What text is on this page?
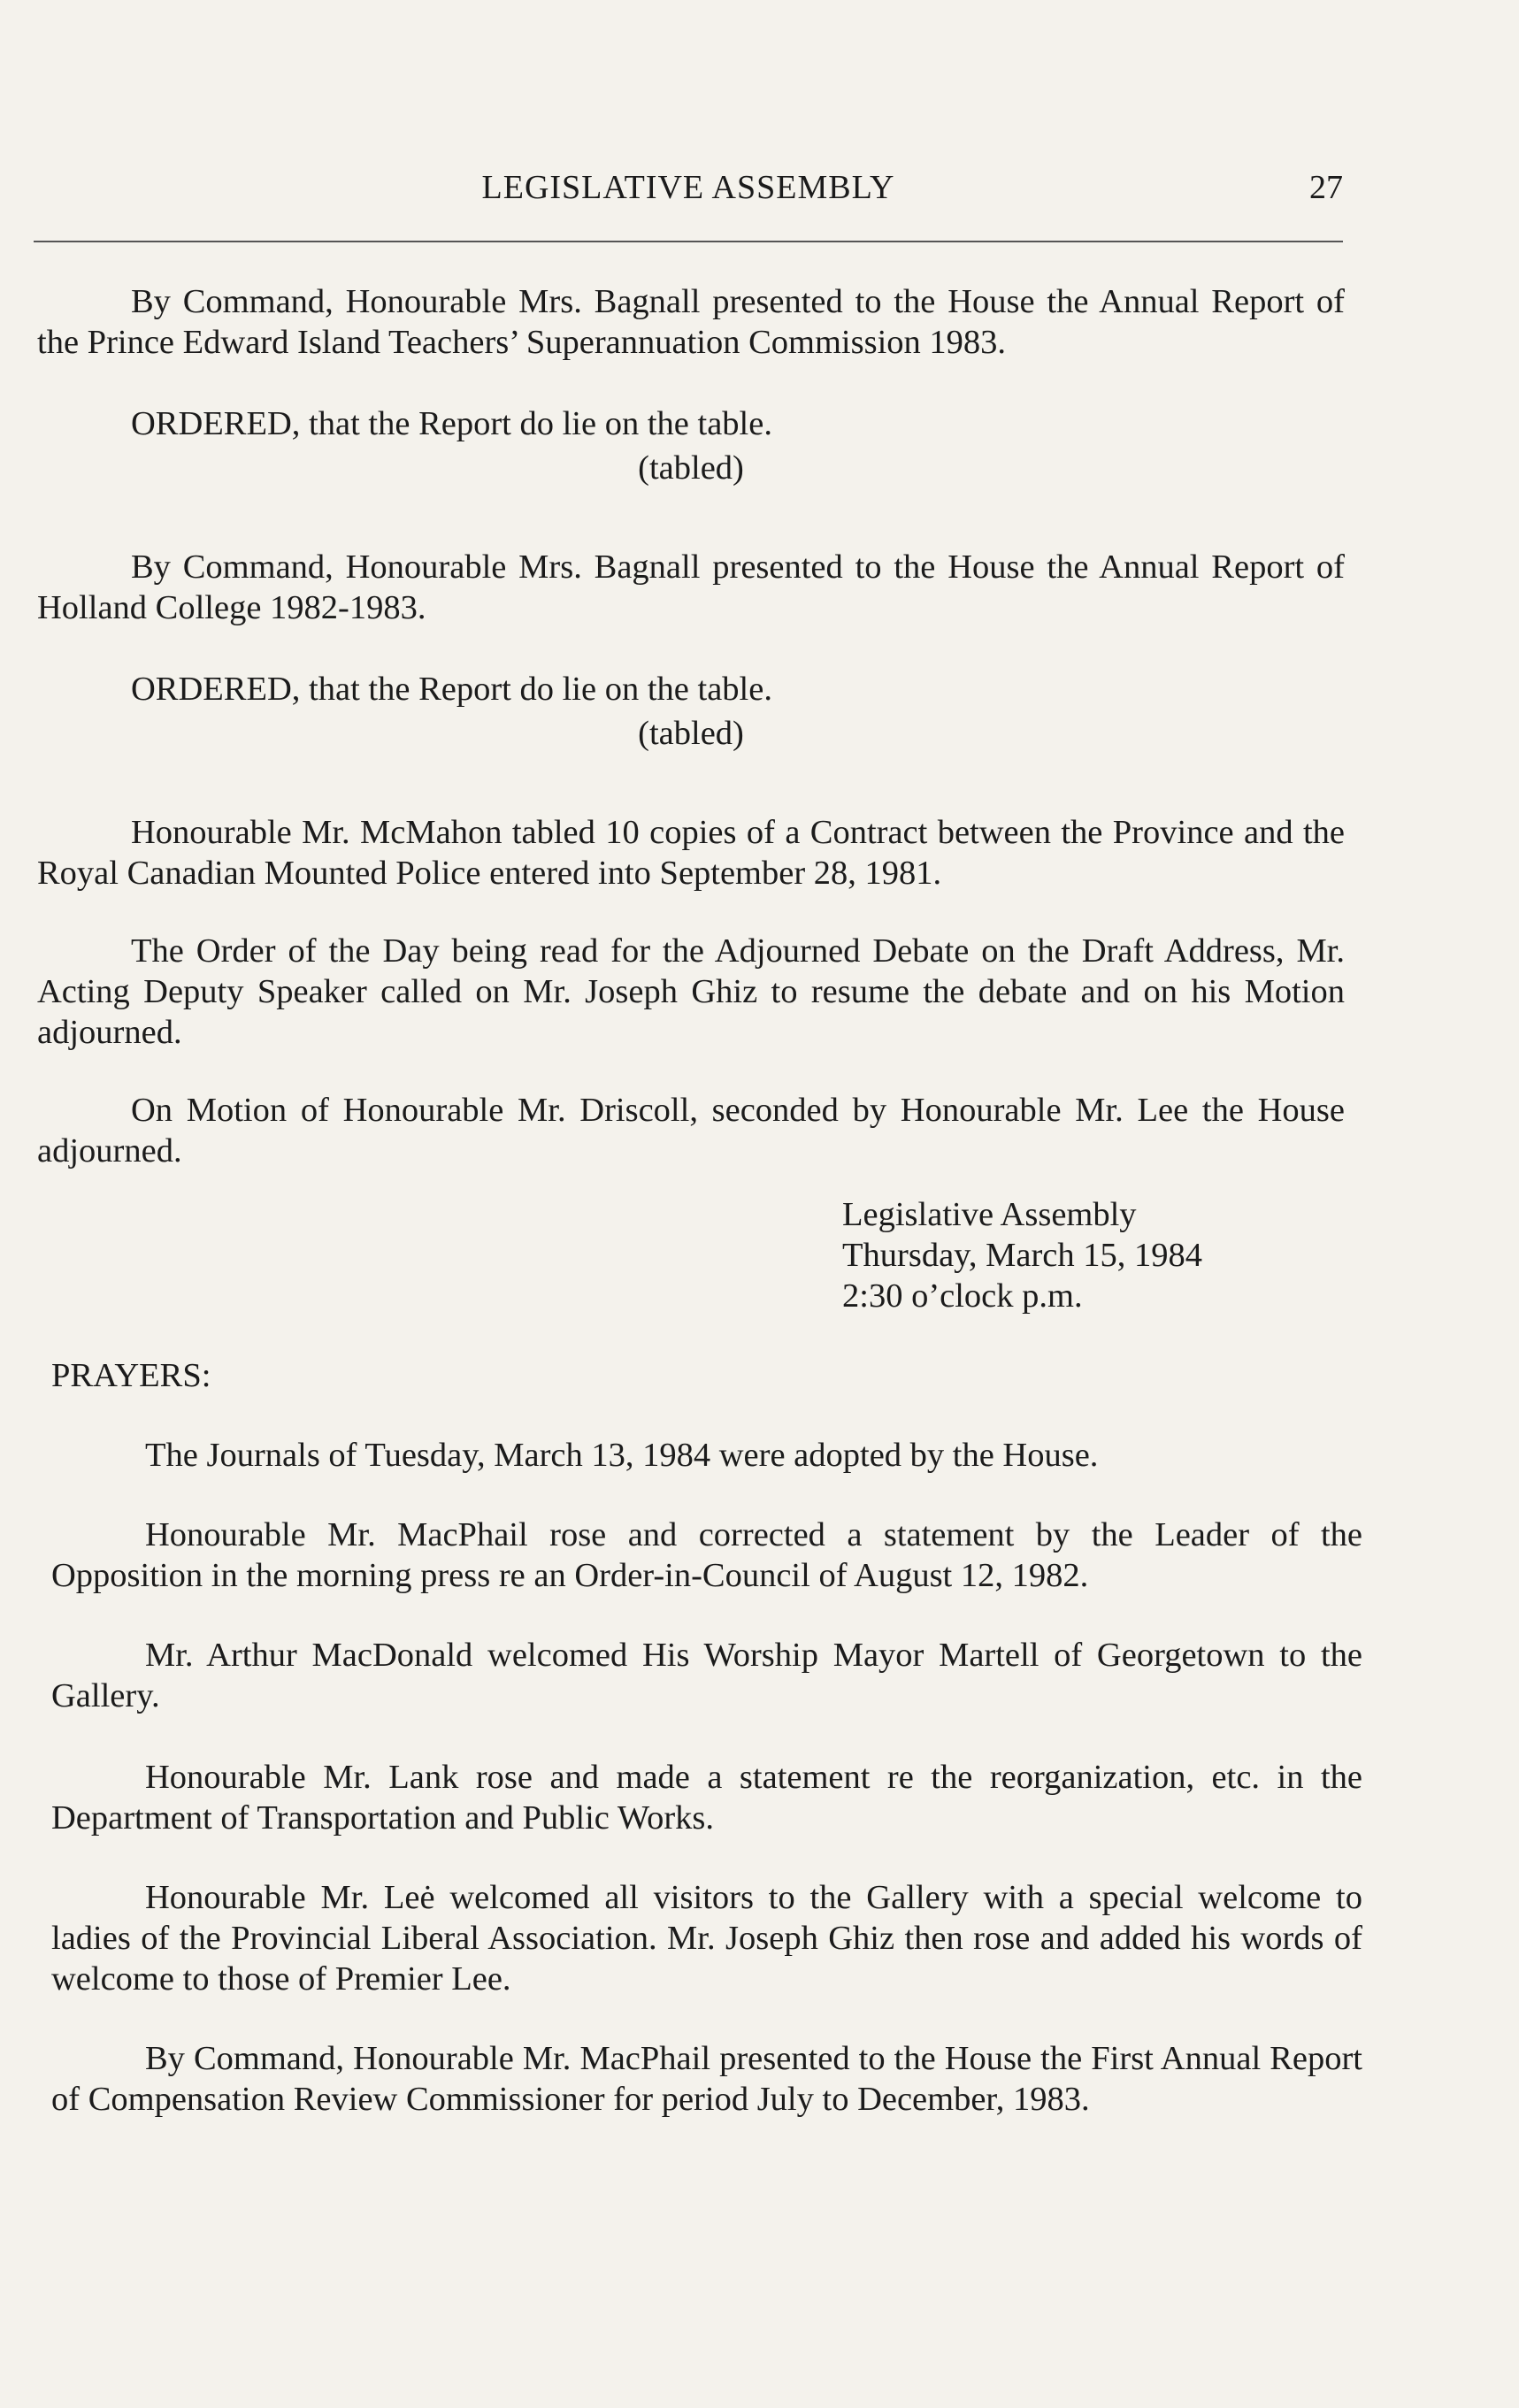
LEGISLATIVE ASSEMBLY	27

By Command, Honourable Mrs. Bagnall presented to the House the Annual Report of the Prince Edward Island Teachers’ Superannuation Commission 1983.

ORDERED, that the Report do lie on the table.

(tabled)

By Command, Honourable Mrs. Bagnall presented to the House the Annual Report of Holland College 1982-1983.

ORDERED, that the Report do lie on the table.

(tabled)

Honourable Mr. McMahon tabled 10 copies of a Contract between the Province and the Royal Canadian Mounted Police entered into September 28, 1981.

The Order of the Day being read for the Adjourned Debate on the Draft Address, Mr. Acting Deputy Speaker called on Mr. Joseph Ghiz to resume the debate and on his Motion adjourned.

On Motion of Honourable Mr. Driscoll, seconded by Honourable Mr. Lee the House adjourned.

Legislative Assembly
Thursday, March 15, 1984
2:30 o’clock p.m.

PRAYERS:

The Journals of Tuesday, March 13, 1984 were adopted by the House.

Honourable Mr. MacPhail rose and corrected a statement by the Leader of the Opposition in the morning press re an Order-in-Council of August 12, 1982.

Mr. Arthur MacDonald welcomed His Worship Mayor Martell of Georgetown to the Gallery.

Honourable Mr. Lank rose and made a statement re the reorganization, etc. in the Department of Transportation and Public Works.

Honourable Mr. Leė welcomed all visitors to the Gallery with a special welcome to ladies of the Provincial Liberal Association. Mr. Joseph Ghiz then rose and added his words of welcome to those of Premier Lee.

By Command, Honourable Mr. MacPhail presented to the House the First Annual Report of Compensation Review Commissioner for period July to December, 1983.
